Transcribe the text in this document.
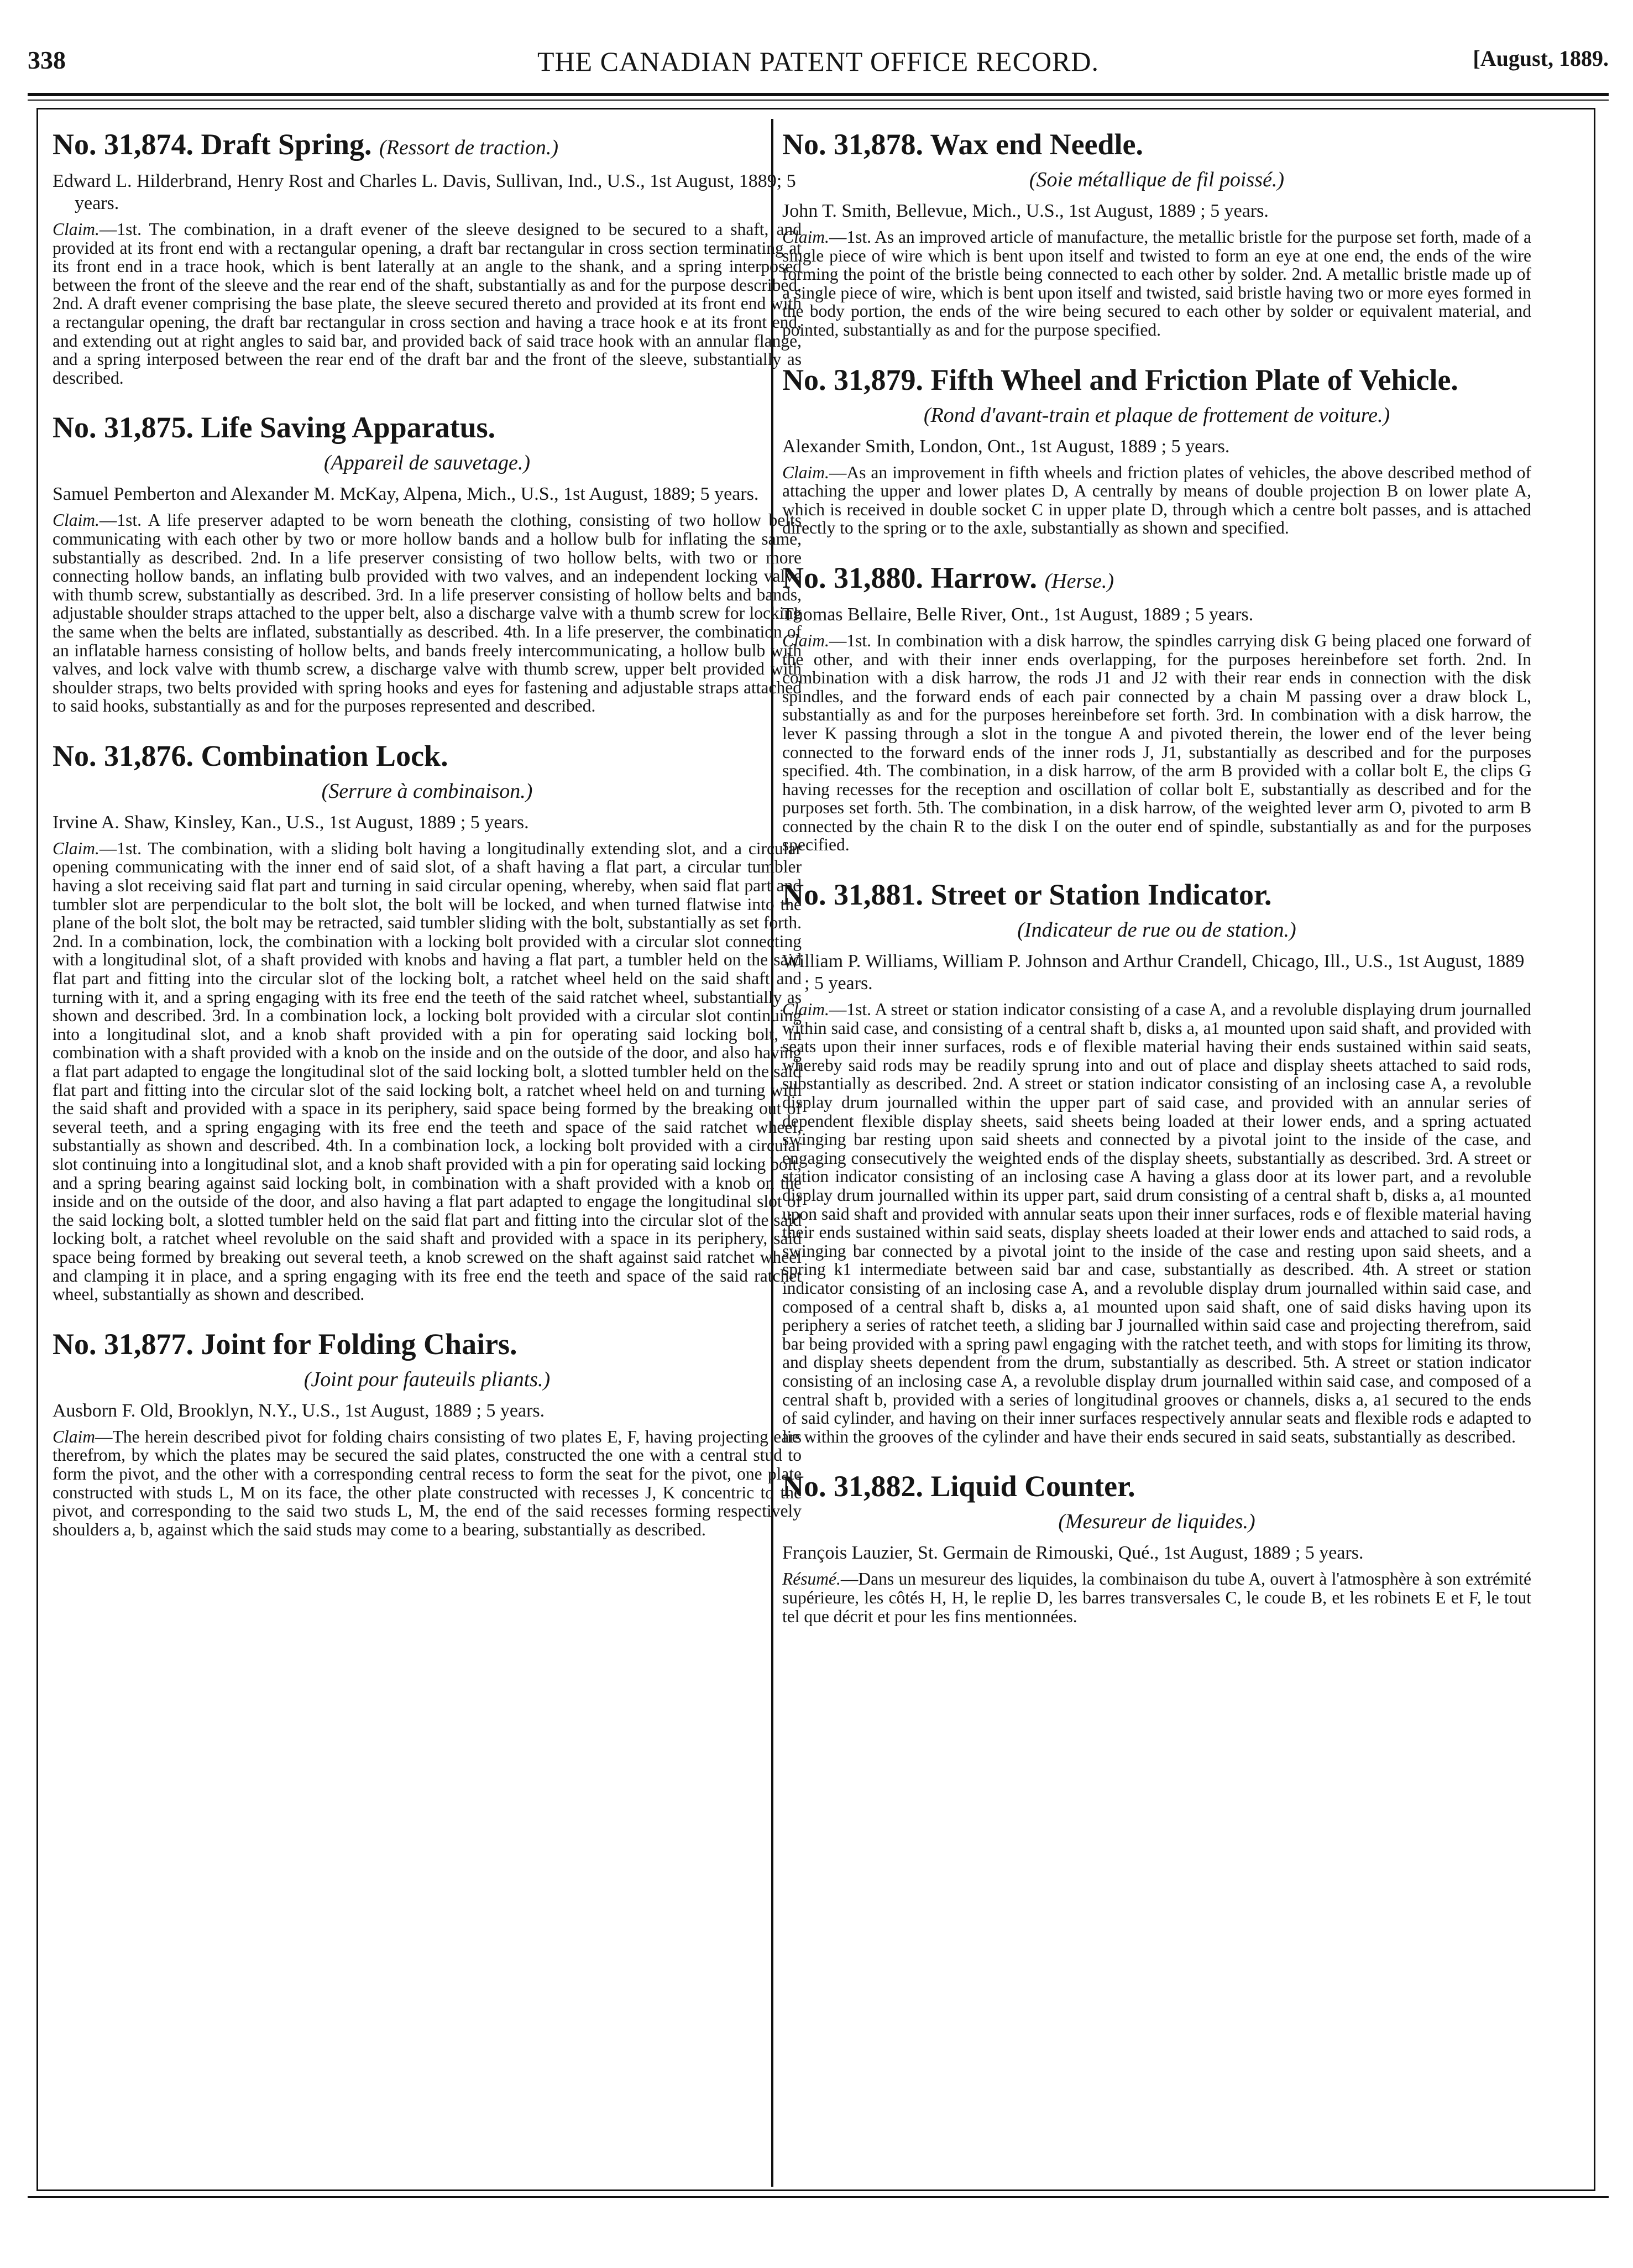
338	THE CANADIAN PATENT OFFICE RECORD.	[August, 1889.
No. 31,874. Draft Spring. (Ressort de traction.)

Edward L. Hilderbrand, Henry Rost and Charles L. Davis, Sullivan, Ind., U.S., 1st August, 1889; 5 years.

Claim.—1st. The combination, in a draft evener of the sleeve designed to be secured to a shaft, and provided at its front end with a rectangular opening, a draft bar rectangular in cross section terminating at its front end in a trace hook, which is bent laterally at an angle to the shank, and a spring interposed between the front of the sleeve and the rear end of the shaft, substantially as and for the purpose described. 2nd. A draft evener comprising the base plate, the sleeve secured thereto and provided at its front end with a rectangular opening, the draft bar rectangular in cross section and having a trace hook e at its front end, and extending out at right angles to said bar, and provided back of said trace hook with an annular flange, and a spring interposed between the rear end of the draft bar and the front of the sleeve, substantially as described.

No. 31,875. Life Saving Apparatus.
(Appareil de sauvetage.)

Samuel Pemberton and Alexander M. McKay, Alpena, Mich., U.S., 1st August, 1889; 5 years.

Claim.—1st. A life preserver adapted to be worn beneath the clothing, consisting of two hollow belts communicating with each other by two or more hollow bands and a hollow bulb for inflating the same, substantially as described. 2nd. In a life preserver consisting of two hollow belts, with two or more connecting hollow bands, an inflating bulb provided with two valves, and an independent locking valve with thumb screw, substantially as described. 3rd. In a life preserver consisting of hollow belts and bands, adjustable shoulder straps attached to the upper belt, also a discharge valve with a thumb screw for locking the same when the belts are inflated, substantially as described. 4th. In a life preserver, the combination of an inflatable harness consisting of hollow belts, and bands freely intercommunicating, a hollow bulb with valves, and lock valve with thumb screw, a discharge valve with thumb screw, upper belt provided with shoulder straps, two belts provided with spring hooks and eyes for fastening and adjustable straps attached to said hooks, substantially as and for the purposes represented and described.

No. 31,876. Combination Lock.
(Serrure à combinaison.)

Irvine A. Shaw, Kinsley, Kan., U.S., 1st August, 1889 ; 5 years.

Claim.—1st. The combination, with a sliding bolt having a longitudinally extending slot, and a circular opening communicating with the inner end of said slot, of a shaft having a flat part, a circular tumbler having a slot receiving said flat part and turning in said circular opening, whereby, when said flat part and tumbler slot are perpendicular to the bolt slot, the bolt will be locked, and when turned flatwise into the plane of the bolt slot, the bolt may be retracted, said tumbler sliding with the bolt, substantially as set forth. 2nd. In a combination, lock, the combination with a locking bolt provided with a circular slot connecting with a longitudinal slot, of a shaft provided with knobs and having a flat part, a tumbler held on the said flat part and fitting into the circular slot of the locking bolt, a ratchet wheel held on the said shaft and turning with it, and a spring engaging with its free end the teeth of the said ratchet wheel, substantially as shown and described. 3rd. In a combination lock, a locking bolt provided with a circular slot continuing into a longitudinal slot, and a knob shaft provided with a pin for operating said locking bolt, in combination with a shaft provided with a knob on the inside and on the outside of the door, and also having a flat part adapted to engage the longitudinal slot of the said locking bolt, a slotted tumbler held on the said flat part and fitting into the circular slot of the said locking bolt, a ratchet wheel held on and turning with the said shaft and provided with a space in its periphery, said space being formed by the breaking out of several teeth, and a spring engaging with its free end the teeth and space of the said ratchet wheel, substantially as shown and described. 4th. In a combination lock, a locking bolt provided with a circular slot continuing into a longitudinal slot, and a knob shaft provided with a pin for operating said locking bolt, and a spring bearing against said locking bolt, in combination with a shaft provided with a knob on the inside and on the outside of the door, and also having a flat part adapted to engage the longitudinal slot of the said locking bolt, a slotted tumbler held on the said flat part and fitting into the circular slot of the said locking bolt, a ratchet wheel revoluble on the said shaft and provided with a space in its periphery, said space being formed by breaking out several teeth, a knob screwed on the shaft against said ratchet wheel and clamping it in place, and a spring engaging with its free end the teeth and space of the said ratchet wheel, substantially as shown and described.

No. 31,877. Joint for Folding Chairs.
(Joint pour fauteuils pliants.)

Ausborn F. Old, Brooklyn, N.Y., U.S., 1st August, 1889 ; 5 years.

Claim—The herein described pivot for folding chairs consisting of two plates E, F, having projecting ears therefrom, by which the plates may be secured the said plates, constructed the one with a central stud to form the pivot, and the other with a corresponding central recess to form the seat for the pivot, one plate constructed with studs L, M on its face, the other plate constructed with recesses J, K concentric to the pivot, and corresponding to the said two studs L, M, the end of the said recesses forming respectively shoulders a, b, against which the said studs may come to a bearing, substantially as described.

No. 31,878. Wax end Needle.
(Soie métallique de fil poissé.)

John T. Smith, Bellevue, Mich., U.S., 1st August, 1889 ; 5 years.

Claim.—1st. As an improved article of manufacture, the metallic bristle for the purpose set forth, made of a single piece of wire which is bent upon itself and twisted to form an eye at one end, the ends of the wire forming the point of the bristle being connected to each other by solder. 2nd. A metallic bristle made up of a single piece of wire, which is bent upon itself and twisted, said bristle having two or more eyes formed in the body portion, the ends of the wire being secured to each other by solder or equivalent material, and pointed, substantially as and for the purpose specified.

No. 31,879. Fifth Wheel and Friction Plate of Vehicle.
(Rond d'avant-train et plaque de frottement de voiture.)

Alexander Smith, London, Ont., 1st August, 1889 ; 5 years.

Claim.—As an improvement in fifth wheels and friction plates of vehicles, the above described method of attaching the upper and lower plates D, A centrally by means of double projection B on lower plate A, which is received in double socket C in upper plate D, through which a centre bolt passes, and is attached directly to the spring or to the axle, substantially as shown and specified.

No. 31,880. Harrow. (Herse.)

Thomas Bellaire, Belle River, Ont., 1st August, 1889 ; 5 years.

Claim.—1st. In combination with a disk harrow, the spindles carrying disk G being placed one forward of the other, and with their inner ends overlapping, for the purposes hereinbefore set forth. 2nd. In combination with a disk harrow, the rods J1 and J2 with their rear ends in connection with the disk spindles, and the forward ends of each pair connected by a chain M passing over a draw block L, substantially as and for the purposes hereinbefore set forth. 3rd. In combination with a disk harrow, the lever K passing through a slot in the tongue A and pivoted therein, the lower end of the lever being connected to the forward ends of the inner rods J, J1, substantially as described and for the purposes specified. 4th. The combination, in a disk harrow, of the arm B provided with a collar bolt E, the clips G having recesses for the reception and oscillation of collar bolt E, substantially as described and for the purposes set forth. 5th. The combination, in a disk harrow, of the weighted lever arm O, pivoted to arm B connected by the chain R to the disk I on the outer end of spindle, substantially as and for the purposes specified.

No. 31,881. Street or Station Indicator.
(Indicateur de rue ou de station.)

William P. Williams, William P. Johnson and Arthur Crandell, Chicago, Ill., U.S., 1st August, 1889 ; 5 years.

Claim.—1st. A street or station indicator consisting of a case A, and a revoluble displaying drum journalled within said case, and consisting of a central shaft b, disks a, a1 mounted upon said shaft, and provided with seats upon their inner surfaces, rods e of flexible material having their ends sustained within said seats, whereby said rods may be readily sprung into and out of place and display sheets attached to said rods, substantially as described. 2nd. A street or station indicator consisting of an inclosing case A, a revoluble display drum journalled within the upper part of said case, and provided with an annular series of dependent flexible display sheets, said sheets being loaded at their lower ends, and a spring actuated swinging bar resting upon said sheets and connected by a pivotal joint to the inside of the case, and engaging consecutively the weighted ends of the display sheets, substantially as described. 3rd. A street or station indicator consisting of an inclosing case A having a glass door at its lower part, and a revoluble display drum journalled within its upper part, said drum consisting of a central shaft b, disks a, a1 mounted upon said shaft and provided with annular seats upon their inner surfaces, rods e of flexible material having their ends sustained within said seats, display sheets loaded at their lower ends and attached to said rods, a swinging bar connected by a pivotal joint to the inside of the case and resting upon said sheets, and a spring k1 intermediate between said bar and case, substantially as described. 4th. A street or station indicator consisting of an inclosing case A, and a revoluble display drum journalled within said case, and composed of a central shaft b, disks a, a1 mounted upon said shaft, one of said disks having upon its periphery a series of ratchet teeth, a sliding bar J journalled within said case and projecting therefrom, said bar being provided with a spring pawl engaging with the ratchet teeth, and with stops for limiting its throw, and display sheets dependent from the drum, substantially as described. 5th. A street or station indicator consisting of an inclosing case A, a revoluble display drum journalled within said case, and composed of a central shaft b, provided with a series of longitudinal grooves or channels, disks a, a1 secured to the ends of said cylinder, and having on their inner surfaces respectively annular seats and flexible rods e adapted to lie within the grooves of the cylinder and have their ends secured in said seats, substantially as described.

No. 31,882. Liquid Counter.
(Mesureur de liquides.)

François Lauzier, St. Germain de Rimouski, Qué., 1st August, 1889 ; 5 years.

Résumé.—Dans un mesureur des liquides, la combinaison du tube A, ouvert à l'atmosphère à son extrémité supérieure, les côtés H, H, le replie D, les barres transversales C, le coude B, et les robinets E et F, le tout tel que décrit et pour les fins mentionnées.
